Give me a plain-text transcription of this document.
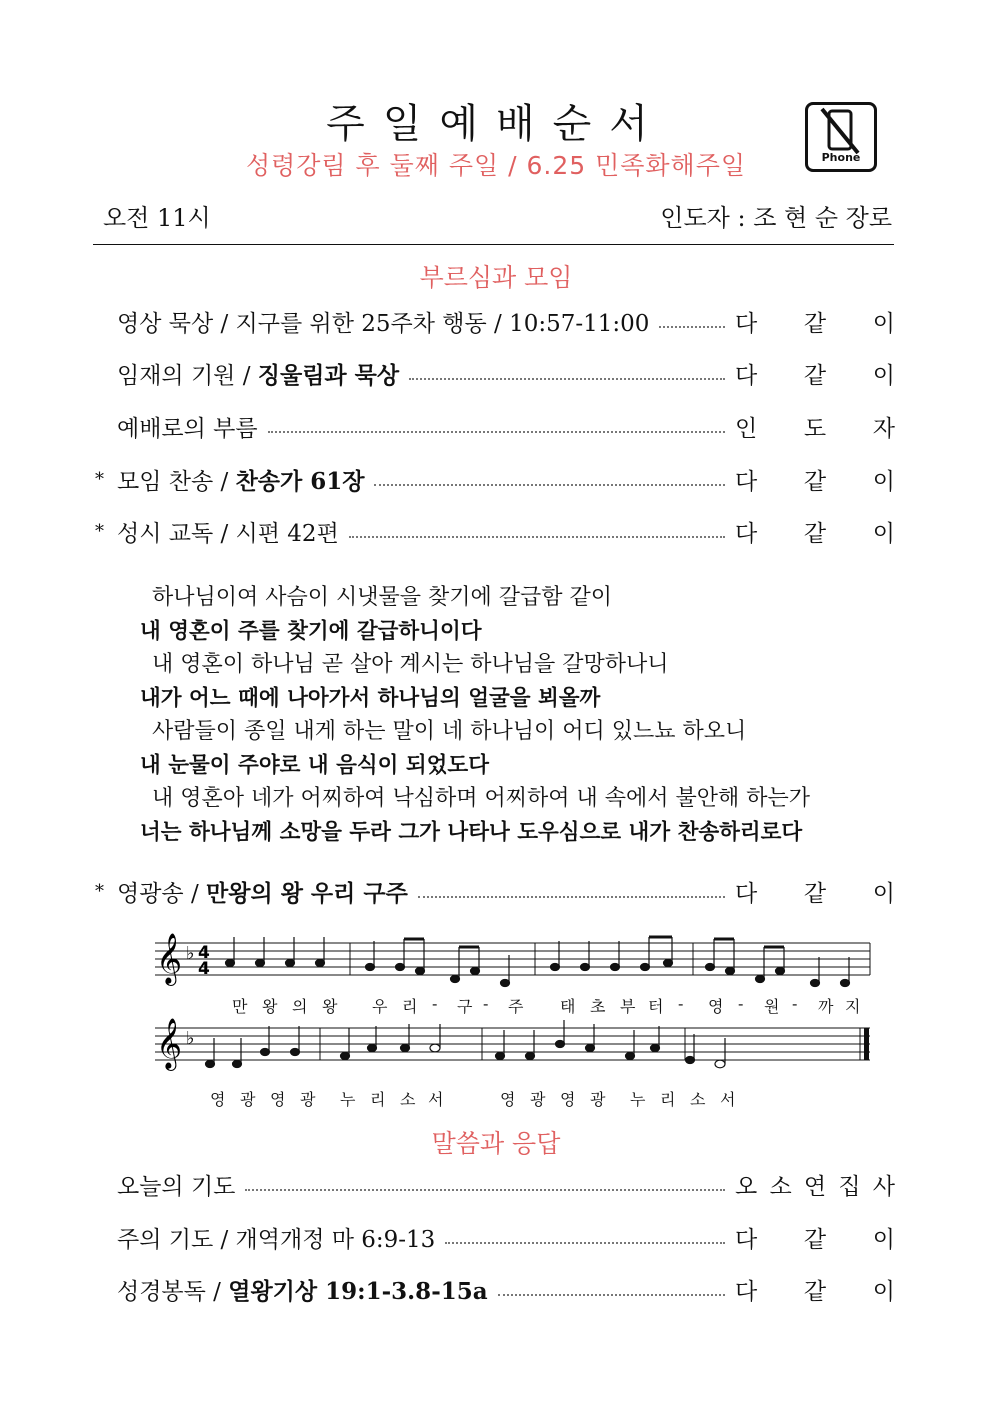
주일예배순서
성령강림 후 둘째 주일 / 6.25 민족화해주일	Phone
오전 11시	인도자 : 조 현 순 장로
부르심과 모임
영상 묵상 / 지구를 위한 25주차 행동 / 10:57-11:00	다 같 이
임재의 기원 / 징울림과 묵상	다 같 이
예배로의 부름	인 도 자
* 모임 찬송 / 찬송가 61장	다 같 이
* 성시 교독 / 시편 42편	다 같 이
하나님이여 사슴이 시냇물을 찾기에 갈급함 같이
내 영혼이 주를 찾기에 갈급하니이다
내 영혼이 하나님 곧 살아 계시는 하나님을 갈망하나니
내가 어느 때에 나아가서 하나님의 얼굴을 뵈올까
사람들이 종일 내게 하는 말이 네 하나님이 어디 있느뇨 하오니
내 눈물이 주야로 내 음식이 되었도다
내 영혼아 네가 어찌하여 낙심하며 어찌하여 내 속에서 불안해 하는가
너는 하나님께 소망을 두라 그가 나타나 도우심으로 내가 찬송하리로다
* 영광송 / 만왕의 왕 우리 구주	다 같 이
𝄞
𝄞
♭
♭
4
4
만 왕 의 왕 우 리 - 구 - 주 태 초 부 터 - 영 - 원 - 까 지
영 광 영 광 누 리 소 서	영 광 영 광 누 리 소 서
말씀과 응답
오늘의 기도	오 소 연 집 사
주의 기도 / 개역개정 마 6:9-13	다 같 이
성경봉독 / 열왕기상 19:1-3.8-15a	다 같 이
